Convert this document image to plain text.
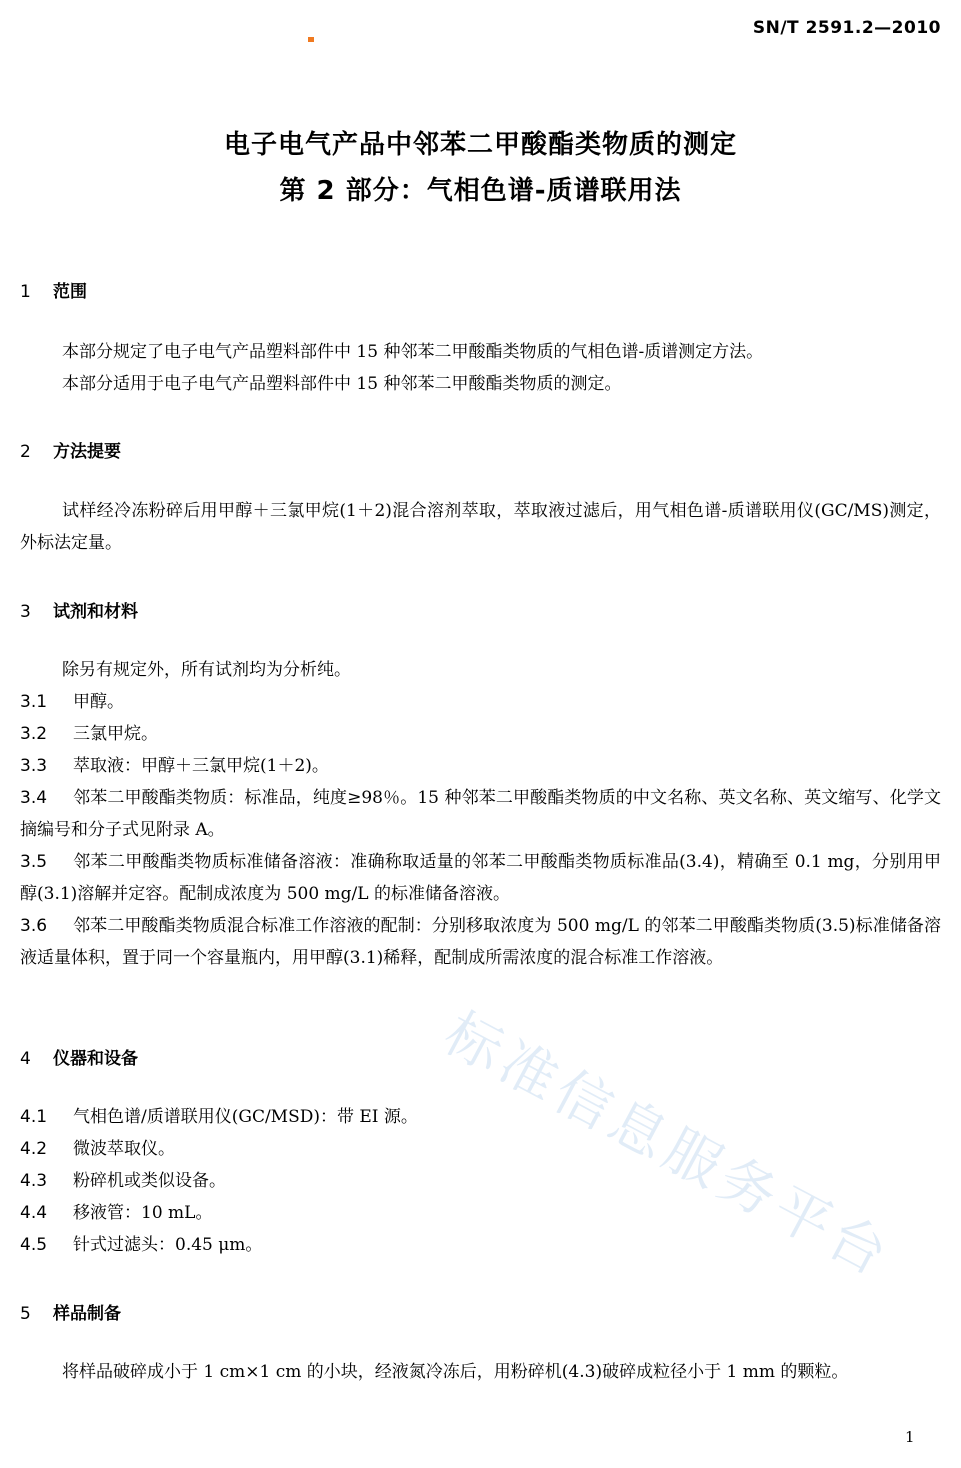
SN/T 2591.2—2010
电子电气产品中邻苯二甲酸酯类物质的测定
第 2 部分：气相色谱-质谱联用法
1 范围
本部分规定了电子电气产品塑料部件中 15 种邻苯二甲酸酯类物质的气相色谱-质谱测定方法。
本部分适用于电子电气产品塑料部件中 15 种邻苯二甲酸酯类物质的测定。
2 方法提要
试样经冷冻粉碎后用甲醇＋三氯甲烷(1＋2)混合溶剂萃取，萃取液过滤后，用气相色谱-质谱联用仪(GC/MS)测定，外标法定量。
3 试剂和材料
除另有规定外，所有试剂均为分析纯。
3.1 甲醇。
3.2 三氯甲烷。
3.3 萃取液：甲醇＋三氯甲烷(1＋2)。
3.4 邻苯二甲酸酯类物质：标准品，纯度≥98％。15 种邻苯二甲酸酯类物质的中文名称、英文名称、英文缩写、化学文摘编号和分子式见附录 A。
3.5 邻苯二甲酸酯类物质标准储备溶液：准确称取适量的邻苯二甲酸酯类物质标准品(3.4)，精确至 0.1 mg，分别用甲醇(3.1)溶解并定容。配制成浓度为 500 mg/L 的标准储备溶液。
3.6 邻苯二甲酸酯类物质混合标准工作溶液的配制：分别移取浓度为 500 mg/L 的邻苯二甲酸酯类物质(3.5)标准储备溶液适量体积，置于同一个容量瓶内，用甲醇(3.1)稀释，配制成所需浓度的混合标准工作溶液。
4 仪器和设备
4.1 气相色谱/质谱联用仪(GC/MSD)：带 EI 源。
4.2 微波萃取仪。
4.3 粉碎机或类似设备。
4.4 移液管：10 mL。
4.5 针式过滤头：0.45 μm。
5 样品制备
将样品破碎成小于 1 cm×1 cm 的小块，经液氮冷冻后，用粉碎机(4.3)破碎成粒径小于 1 mm 的颗粒。
标准信息服务平台
1
